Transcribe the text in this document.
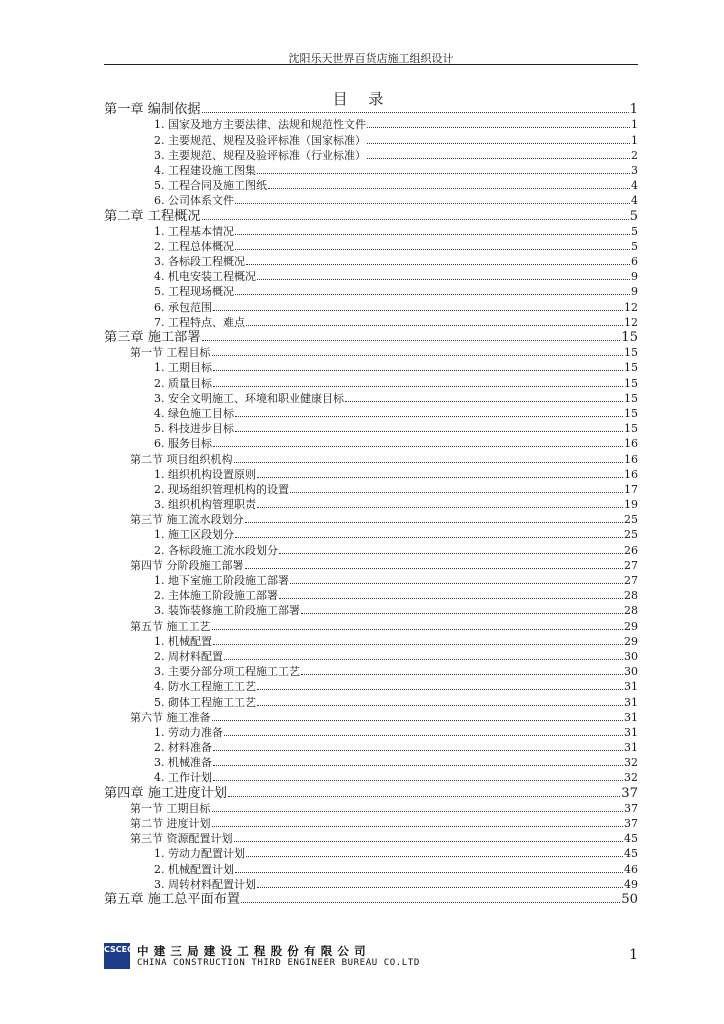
沈阳乐天世界百货店施工组织设计
目 录
第一章 编制依据	1
1. 国家及地方主要法律、法规和规范性文件	1
2. 主要规范、规程及验评标准（国家标准）	1
3. 主要规范、规程及验评标准（行业标准）	2
4. 工程建设施工图集	3
5. 工程合同及施工图纸	4
6. 公司体系文件	4
第二章 工程概况	5
1. 工程基本情况	5
2. 工程总体概况	5
3. 各标段工程概况	6
4. 机电安装工程概况	9
5. 工程现场概况	9
6. 承包范围	12
7. 工程特点、难点	12
第三章 施工部署	15
第一节 工程目标	15
1. 工期目标	15
2. 质量目标	15
3. 安全文明施工、环境和职业健康目标	15
4. 绿色施工目标	15
5. 科技进步目标	15
6. 服务目标	16
第二节 项目组织机构	16
1. 组织机构设置原则	16
2. 现场组织管理机构的设置	17
3. 组织机构管理职责	19
第三节 施工流水段划分	25
1. 施工区段划分	25
2. 各标段施工流水段划分	26
第四节 分阶段施工部署	27
1. 地下室施工阶段施工部署	27
2. 主体施工阶段施工部署	28
3. 装饰装修施工阶段施工部署	28
第五节 施工工艺	29
1. 机械配置	29
2. 周材料配置	30
3. 主要分部分项工程施工工艺	30
4. 防水工程施工工艺	31
5. 砌体工程施工工艺	31
第六节 施工准备	31
1. 劳动力准备	31
2. 材料准备	31
3. 机械准备	32
4. 工作计划	32
第四章 施工进度计划	37
第一节 工期目标	37
第二节 进度计划	37
第三节 资源配置计划	45
1. 劳动力配置计划	45
2. 机械配置计划	46
3. 周转材料配置计划	49
第五章 施工总平面布置	50
CSCEC 中建三局建设工程股份有限公司
CHINA CONSTRUCTION THIRD ENGINEER BUREAU CO.LTD	1
